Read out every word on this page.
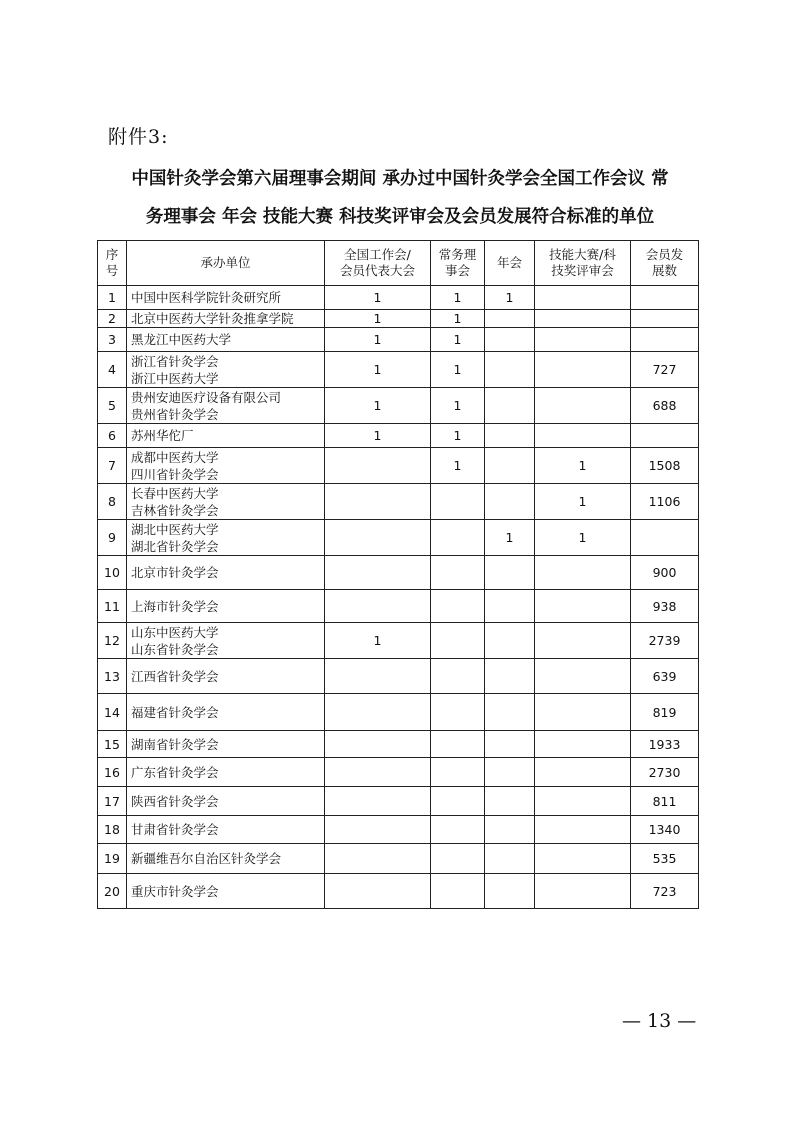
附件3:
中国针灸学会第六届理事会期间 承办过中国针灸学会全国工作会议 常
务理事会 年会 技能大赛 科技奖评审会及会员发展符合标准的单位
序
号	承办单位	全国工作会/
会员代表大会	常务理
事会	年会	技能大赛/科
技奖评审会	会员发
展数
1	中国中医科学院针灸研究所	1	1	1		
2	北京中医药大学针灸推拿学院	1	1			
3	黑龙江中医药大学	1	1			
4	浙江省针灸学会
浙江中医药大学	1	1			727
5	贵州安迪医疗设备有限公司
贵州省针灸学会	1	1			688
6	苏州华佗厂	1	1			
7	成都中医药大学
四川省针灸学会		1		1	1508
8	长春中医药大学
吉林省针灸学会				1	1106
9	湖北中医药大学
湖北省针灸学会			1	1	
10	北京市针灸学会					900
11	上海市针灸学会					938
12	山东中医药大学
山东省针灸学会	1				2739
13	江西省针灸学会					639
14	福建省针灸学会					819
15	湖南省针灸学会					1933
16	广东省针灸学会					2730
17	陕西省针灸学会					811
18	甘肃省针灸学会					1340
19	新疆维吾尔自治区针灸学会					535
20	重庆市针灸学会					723
— 13 —
